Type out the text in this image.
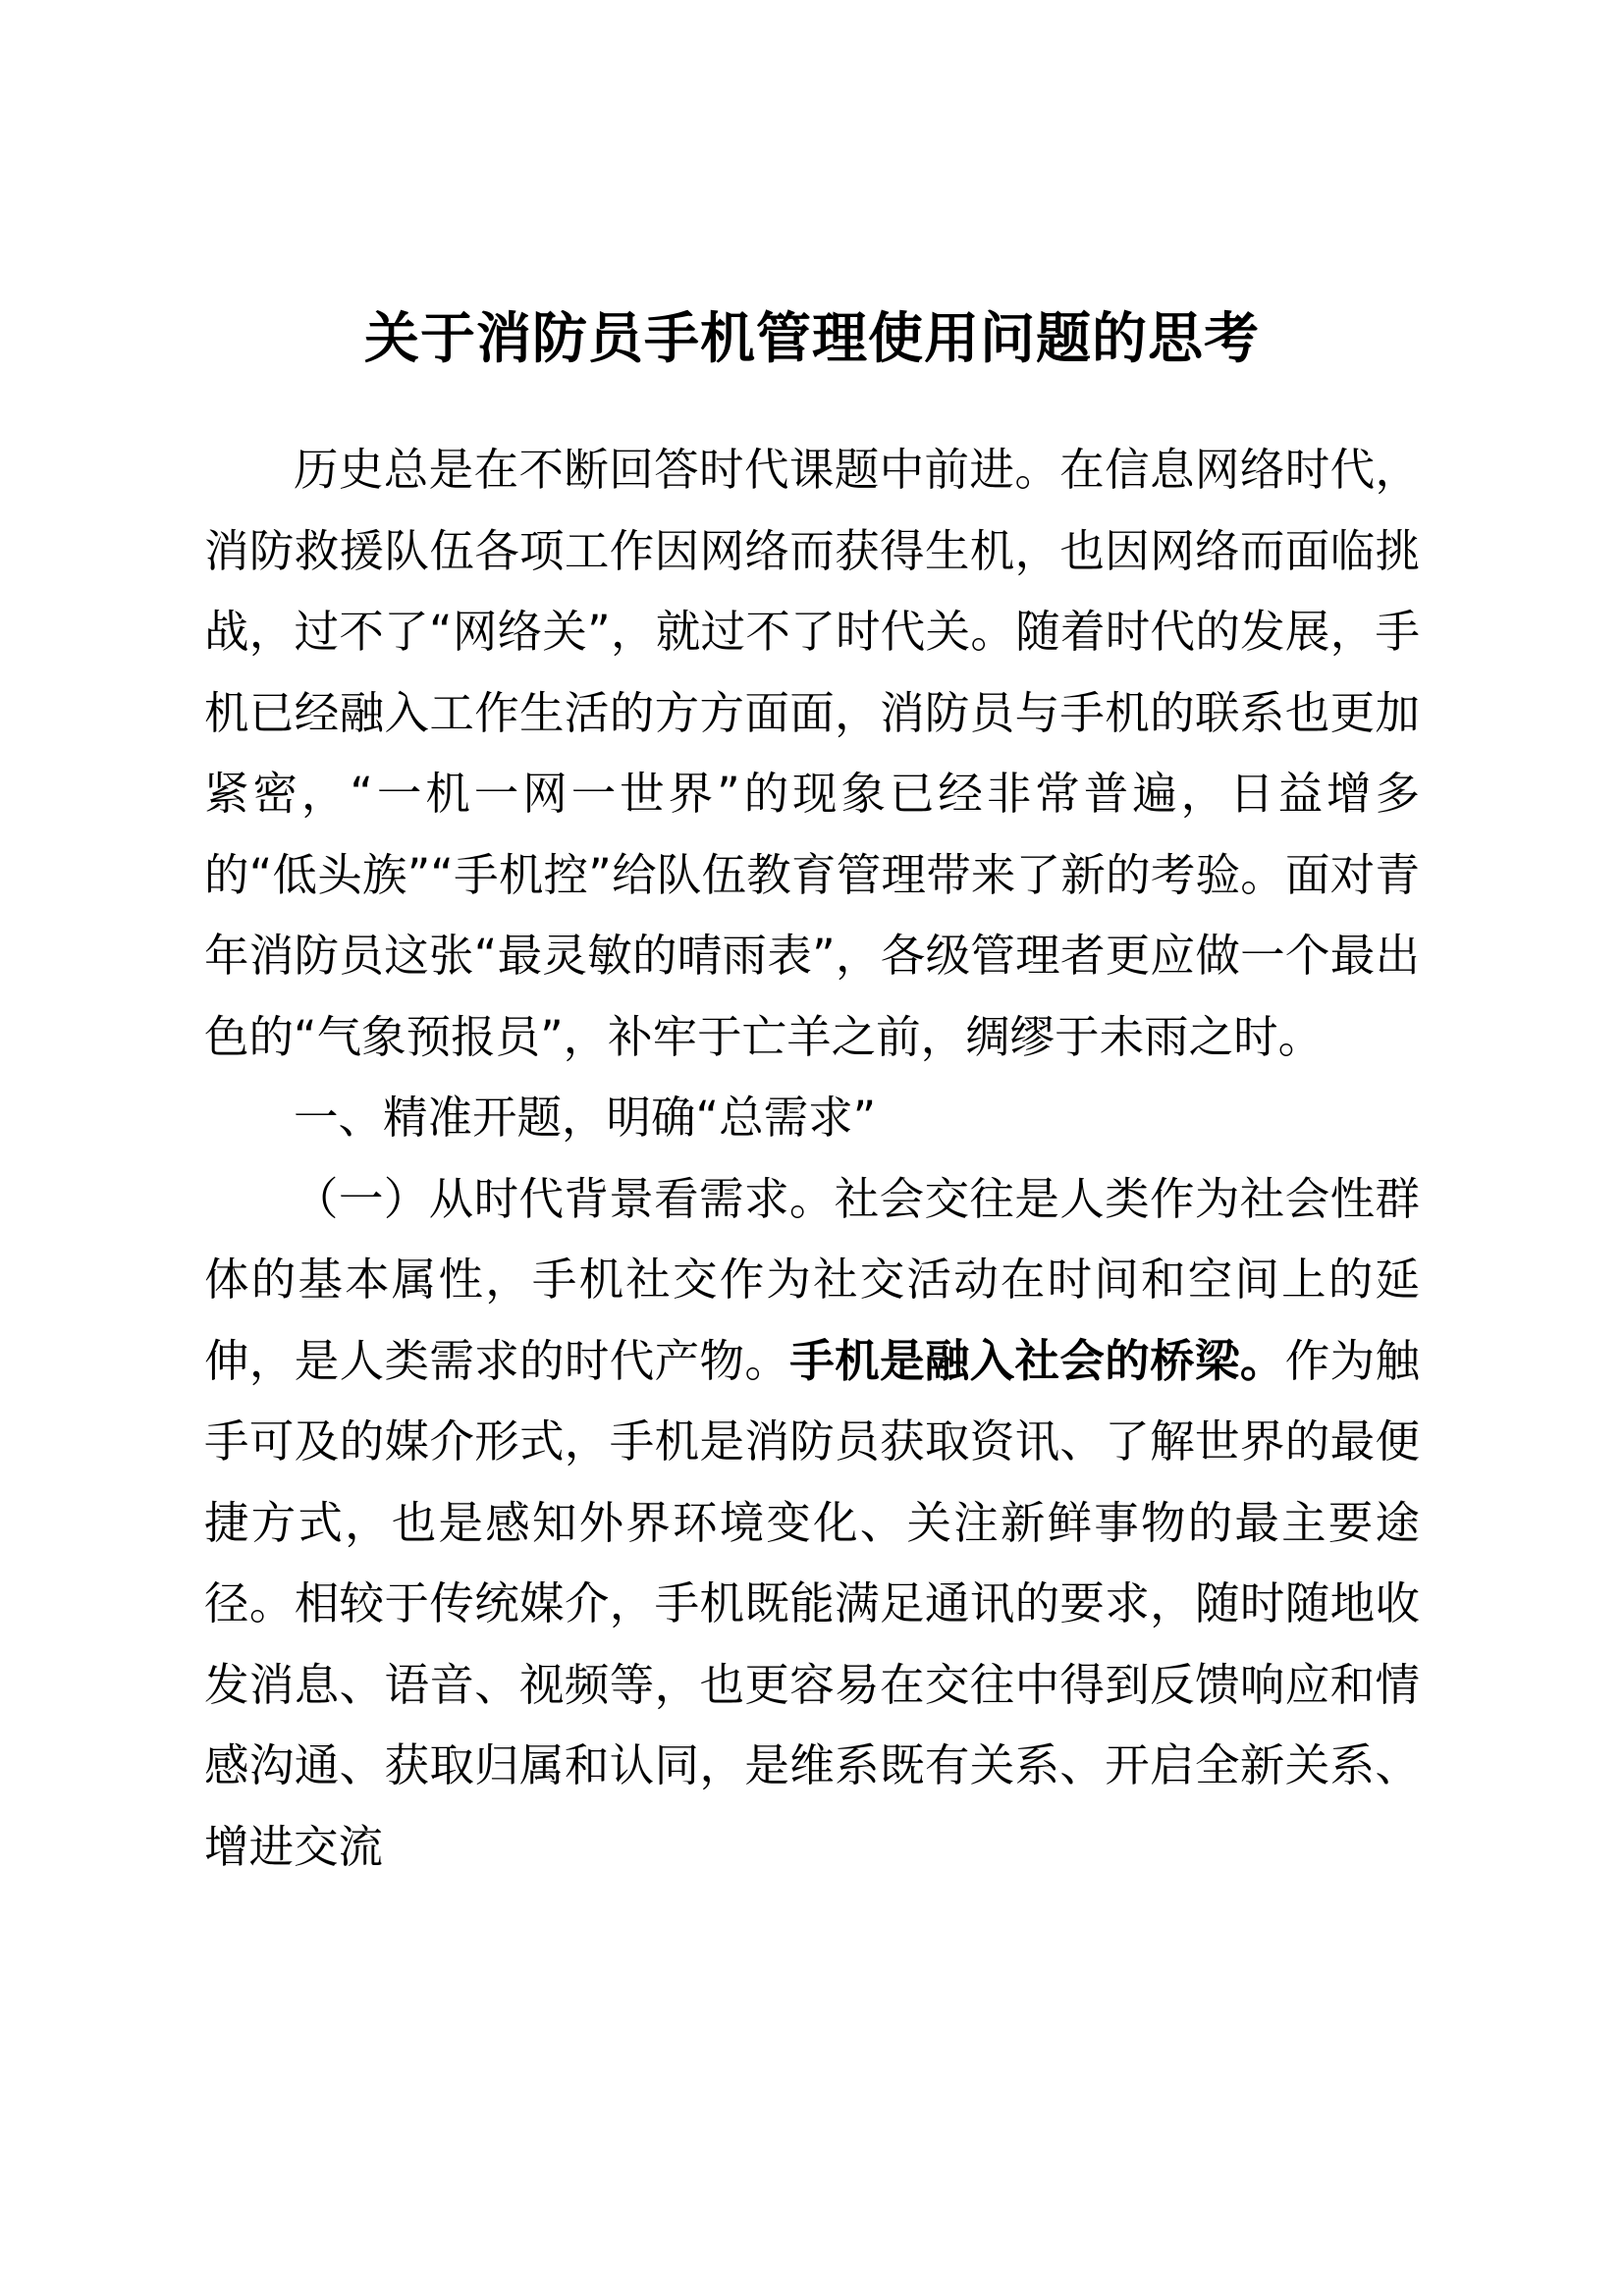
关于消防员手机管理使用问题的思考

历史总是在不断回答时代课题中前进。在信息网络时代，消防救援队伍各项工作因网络而获得生机，也因网络而面临挑战，过不了“网络关”，就过不了时代关。随着时代的发展，手机已经融入工作生活的方方面面，消防员与手机的联系也更加紧密，“一机一网一世界”的现象已经非常普遍，日益增多的“低头族”“手机控”给队伍教育管理带来了新的考验。面对青年消防员这张“最灵敏的晴雨表”，各级管理者更应做一个最出色的“气象预报员”，补牢于亡羊之前，绸缪于未雨之时。

一、精准开题，明确“总需求”

（一）从时代背景看需求。社会交往是人类作为社会性群体的基本属性，手机社交作为社交活动在时间和空间上的延伸，是人类需求的时代产物。手机是融入社会的桥梁。作为触手可及的媒介形式，手机是消防员获取资讯、了解世界的最便捷方式，也是感知外界环境变化、关注新鲜事物的最主要途径。相较于传统媒介，手机既能满足通讯的要求，随时随地收发消息、语音、视频等，也更容易在交往中得到反馈响应和情感沟通、获取归属和认同，是维系既有关系、开启全新关系、增进交流
